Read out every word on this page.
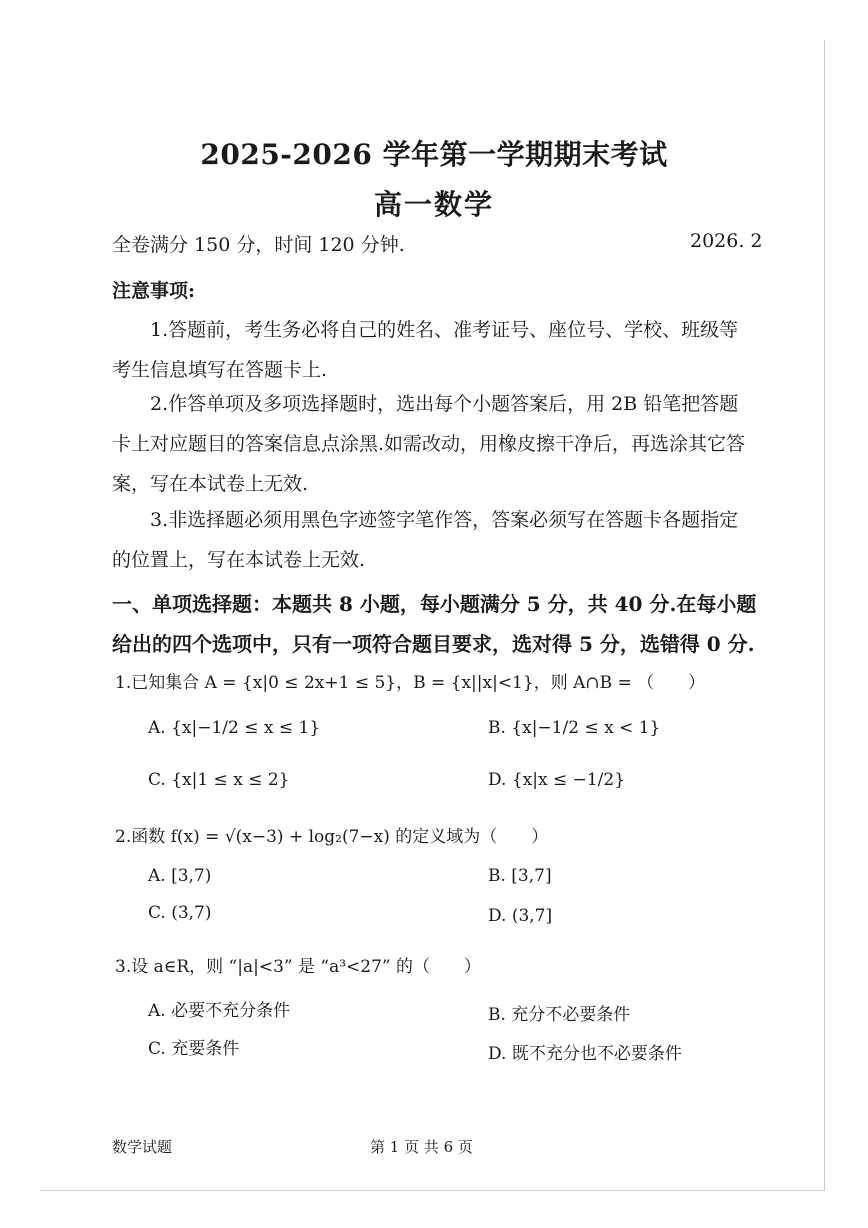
2025-2026 学年第一学期期末考试
高一数学
全卷满分 150 分，时间 120 分钟.	2026. 2
注意事项:
1.答题前，考生务必将自己的姓名、准考证号、座位号、学校、班级等考生信息填写在答题卡上.
2.作答单项及多项选择题时，选出每个小题答案后，用 2B 铅笔把答题卡上对应题目的答案信息点涂黑.如需改动，用橡皮擦干净后，再选涂其它答案，写在本试卷上无效.
3.非选择题必须用黑色字迹签字笔作答，答案必须写在答题卡各题指定的位置上，写在本试卷上无效.
一、单项选择题：本题共 8 小题，每小题满分 5 分，共 40 分.在每小题给出的四个选项中，只有一项符合题目要求，选对得 5 分，选错得 0 分.
1.已知集合 A = {x|0 ≤ 2x+1 ≤ 5}，B = {x||x|<1}，则 A∩B = （　　）
A. {x|−1/2 ≤ x ≤ 1}	B. {x|−1/2 ≤ x < 1}
C. {x|1 ≤ x ≤ 2}	D. {x|x ≤ −1/2}
2.函数 f(x) = √(x−3) + log₂(7−x) 的定义域为（　　）
A. [3,7)	B. [3,7]
C. (3,7)	D. (3,7]
3.设 a∈R，则 “|a|<3” 是 “a³<27” 的（　　）
A. 必要不充分条件	B. 充分不必要条件
C. 充要条件	D. 既不充分也不必要条件
数学试题	第 1 页 共 6 页
